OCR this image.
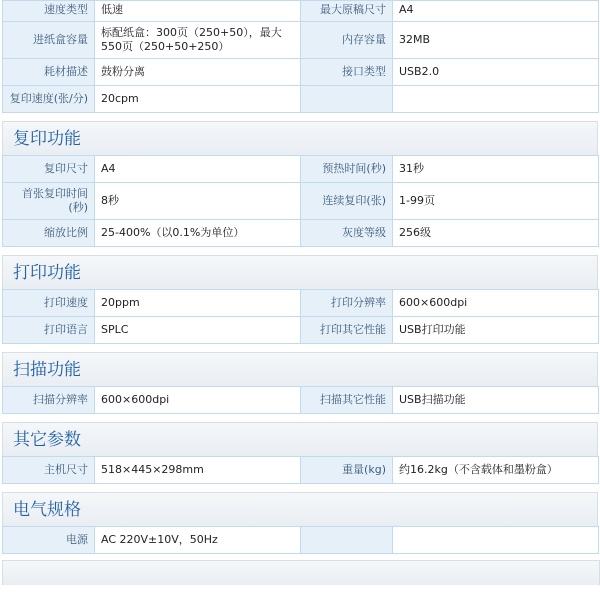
速度类型	低速	最大原稿尺寸	A4
进纸盒容量	标配纸盒：300页（250+50），最大550页（250+50+250）	内存容量	32MB
耗材描述	鼓粉分离	接口类型	USB2.0
复印速度(张/分)	20cpm		
复印功能
复印尺寸	A4	预热时间(秒)	31秒
首张复印时间(秒)	8秒	连续复印(张)	1-99页
缩放比例	25-400%（以0.1%为单位）	灰度等级	256级
打印功能
打印速度	20ppm	打印分辨率	600×600dpi
打印语言	SPLC	打印其它性能	USB打印功能
扫描功能
扫描分辨率	600×600dpi	扫描其它性能	USB扫描功能
其它参数
主机尺寸	518×445×298mm	重量(kg)	约16.2kg（不含载体和墨粉盒）
电气规格
电源	AC 220V±10V，50Hz		
